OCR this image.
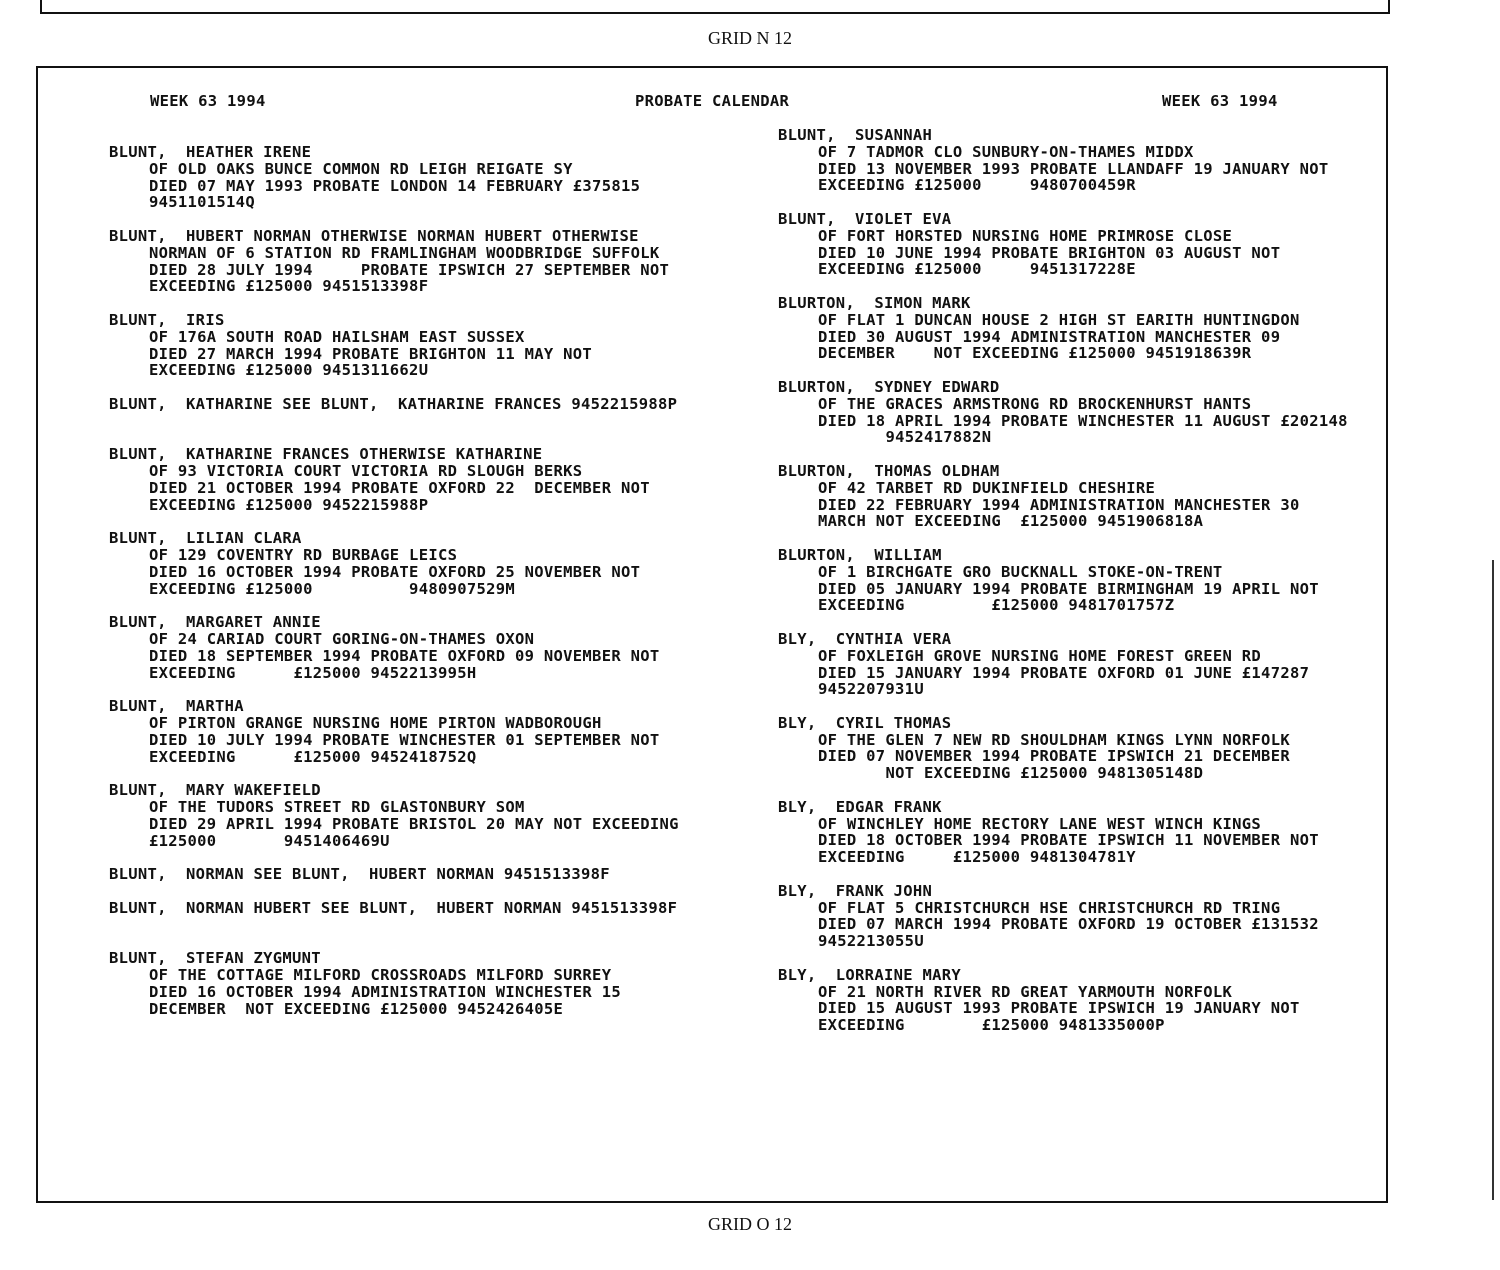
GRID N 12
WEEK 63 1994	PROBATE CALENDAR	WEEK 63 1994
BLUNT,  HEATHER IRENE
OF OLD OAKS BUNCE COMMON RD LEIGH REIGATE SY
DIED 07 MAY 1993 PROBATE LONDON 14 FEBRUARY £375815
9451101514Q
BLUNT,  HUBERT NORMAN OTHERWISE NORMAN HUBERT OTHERWISE
NORMAN OF 6 STATION RD FRAMLINGHAM WOODBRIDGE SUFFOLK
DIED 28 JULY 1994     PROBATE IPSWICH 27 SEPTEMBER NOT
EXCEEDING £125000 9451513398F
BLUNT,  IRIS
OF 176A SOUTH ROAD HAILSHAM EAST SUSSEX
DIED 27 MARCH 1994 PROBATE BRIGHTON 11 MAY NOT
EXCEEDING £125000 9451311662U
BLUNT,  KATHARINE SEE BLUNT,  KATHARINE FRANCES 9452215988P
BLUNT,  KATHARINE FRANCES OTHERWISE KATHARINE
OF 93 VICTORIA COURT VICTORIA RD SLOUGH BERKS
DIED 21 OCTOBER 1994 PROBATE OXFORD 22  DECEMBER NOT
EXCEEDING £125000 9452215988P
BLUNT,  LILIAN CLARA
OF 129 COVENTRY RD BURBAGE LEICS
DIED 16 OCTOBER 1994 PROBATE OXFORD 25 NOVEMBER NOT
EXCEEDING £125000          9480907529M
BLUNT,  MARGARET ANNIE
OF 24 CARIAD COURT GORING-ON-THAMES OXON
DIED 18 SEPTEMBER 1994 PROBATE OXFORD 09 NOVEMBER NOT
EXCEEDING      £125000 9452213995H
BLUNT,  MARTHA
OF PIRTON GRANGE NURSING HOME PIRTON WADBOROUGH
DIED 10 JULY 1994 PROBATE WINCHESTER 01 SEPTEMBER NOT
EXCEEDING      £125000 9452418752Q
BLUNT,  MARY WAKEFIELD
OF THE TUDORS STREET RD GLASTONBURY SOM
DIED 29 APRIL 1994 PROBATE BRISTOL 20 MAY NOT EXCEEDING
£125000       9451406469U
BLUNT,  NORMAN SEE BLUNT,  HUBERT NORMAN 9451513398F
BLUNT,  NORMAN HUBERT SEE BLUNT,  HUBERT NORMAN 9451513398F
BLUNT,  STEFAN ZYGMUNT
OF THE COTTAGE MILFORD CROSSROADS MILFORD SURREY
DIED 16 OCTOBER 1994 ADMINISTRATION WINCHESTER 15
DECEMBER  NOT EXCEEDING £125000 9452426405E
BLUNT,  SUSANNAH
OF 7 TADMOR CLO SUNBURY-ON-THAMES MIDDX
DIED 13 NOVEMBER 1993 PROBATE LLANDAFF 19 JANUARY NOT
EXCEEDING £125000     9480700459R
BLUNT,  VIOLET EVA
OF FORT HORSTED NURSING HOME PRIMROSE CLOSE
DIED 10 JUNE 1994 PROBATE BRIGHTON 03 AUGUST NOT
EXCEEDING £125000     9451317228E
BLURTON,  SIMON MARK
OF FLAT 1 DUNCAN HOUSE 2 HIGH ST EARITH HUNTINGDON
DIED 30 AUGUST 1994 ADMINISTRATION MANCHESTER 09
DECEMBER    NOT EXCEEDING £125000 9451918639R
BLURTON,  SYDNEY EDWARD
OF THE GRACES ARMSTRONG RD BROCKENHURST HANTS
DIED 18 APRIL 1994 PROBATE WINCHESTER 11 AUGUST £202148
9452417882N
BLURTON,  THOMAS OLDHAM
OF 42 TARBET RD DUKINFIELD CHESHIRE
DIED 22 FEBRUARY 1994 ADMINISTRATION MANCHESTER 30
MARCH NOT EXCEEDING  £125000 9451906818A
BLURTON,  WILLIAM
OF 1 BIRCHGATE GRO BUCKNALL STOKE-ON-TRENT
DIED 05 JANUARY 1994 PROBATE BIRMINGHAM 19 APRIL NOT
EXCEEDING         £125000 9481701757Z
BLY,  CYNTHIA VERA
OF FOXLEIGH GROVE NURSING HOME FOREST GREEN RD
DIED 15 JANUARY 1994 PROBATE OXFORD 01 JUNE £147287
9452207931U
BLY,  CYRIL THOMAS
OF THE GLEN 7 NEW RD SHOULDHAM KINGS LYNN NORFOLK
DIED 07 NOVEMBER 1994 PROBATE IPSWICH 21 DECEMBER
NOT EXCEEDING £125000 9481305148D
BLY,  EDGAR FRANK
OF WINCHLEY HOME RECTORY LANE WEST WINCH KINGS
DIED 18 OCTOBER 1994 PROBATE IPSWICH 11 NOVEMBER NOT
EXCEEDING     £125000 9481304781Y
BLY,  FRANK JOHN
OF FLAT 5 CHRISTCHURCH HSE CHRISTCHURCH RD TRING
DIED 07 MARCH 1994 PROBATE OXFORD 19 OCTOBER £131532
9452213055U
BLY,  LORRAINE MARY
OF 21 NORTH RIVER RD GREAT YARMOUTH NORFOLK
DIED 15 AUGUST 1993 PROBATE IPSWICH 19 JANUARY NOT
EXCEEDING        £125000 9481335000P
GRID O 12
